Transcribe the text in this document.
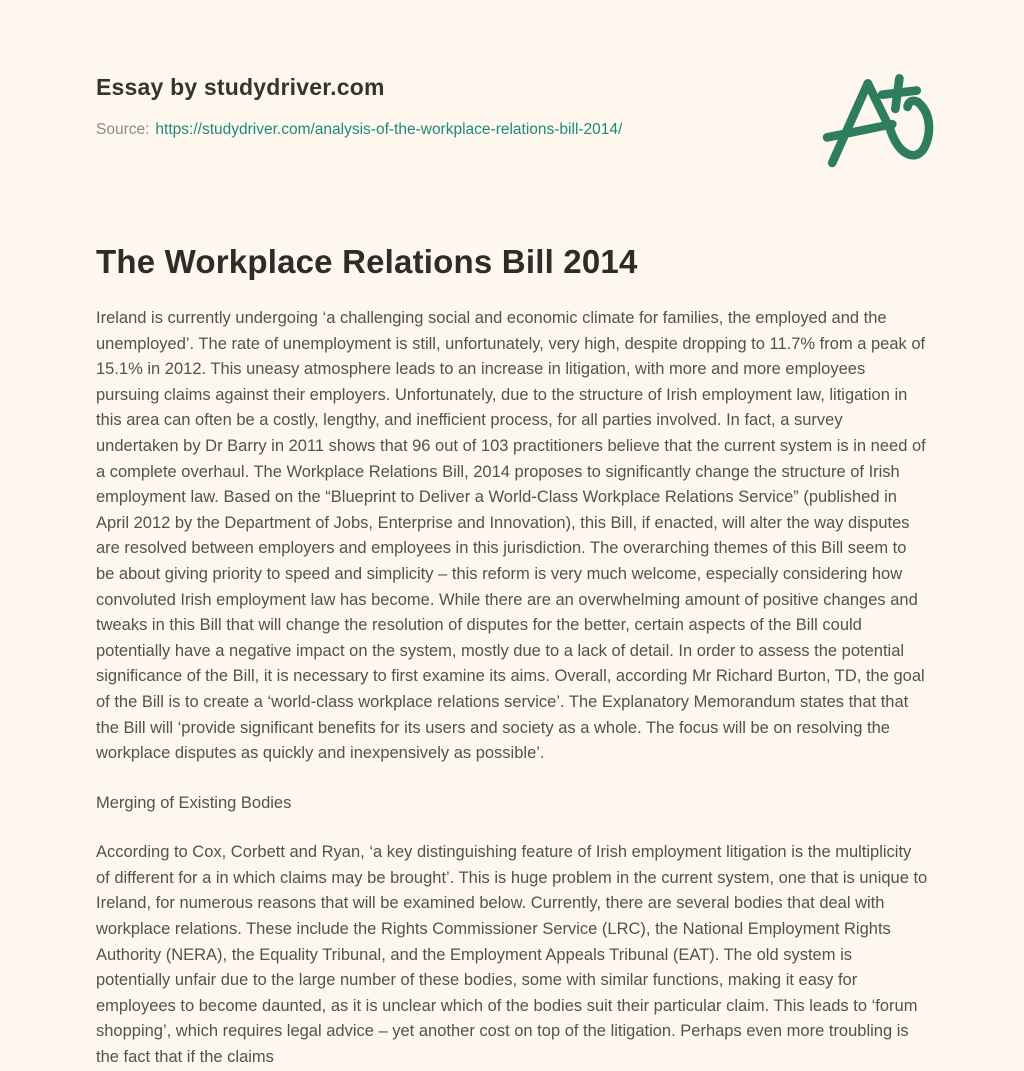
Essay by studydriver.com
Source: https://studydriver.com/analysis-of-the-workplace-relations-bill-2014/
The Workplace Relations Bill 2014

Ireland is currently undergoing ‘a challenging social and economic climate for families, the employed and the unemployed’. The rate of unemployment is still, unfortunately, very high, despite dropping to 11.7% from a peak of 15.1% in 2012. This uneasy atmosphere leads to an increase in litigation, with more and more employees pursuing claims against their employers. Unfortunately, due to the structure of Irish employment law, litigation in this area can often be a costly, lengthy, and inefficient process, for all parties involved. In fact, a survey undertaken by Dr Barry in 2011 shows that 96 out of 103 practitioners believe that the current system is in need of a complete overhaul. The Workplace Relations Bill, 2014 proposes to significantly change the structure of Irish employment law. Based on the “Blueprint to Deliver a World-Class Workplace Relations Service” (published in April 2012 by the Department of Jobs, Enterprise and Innovation), this Bill, if enacted, will alter the way disputes are resolved between employers and employees in this jurisdiction. The overarching themes of this Bill seem to be about giving priority to speed and simplicity – this reform is very much welcome, especially considering how convoluted Irish employment law has become. While there are an overwhelming amount of positive changes and tweaks in this Bill that will change the resolution of disputes for the better, certain aspects of the Bill could potentially have a negative impact on the system, mostly due to a lack of detail. In order to assess the potential significance of the Bill, it is necessary to first examine its aims. Overall, according Mr Richard Burton, TD, the goal of the Bill is to create a ‘world-class workplace relations service’. The Explanatory Memorandum states that that the Bill will ‘provide significant benefits for its users and society as a whole. The focus will be on resolving the workplace disputes as quickly and inexpensively as possible’.

Merging of Existing Bodies

According to Cox, Corbett and Ryan, ‘a key distinguishing feature of Irish employment litigation is the multiplicity of different for a in which claims may be brought’. This is huge problem in the current system, one that is unique to Ireland, for numerous reasons that will be examined below. Currently, there are several bodies that deal with workplace relations. These include the Rights Commissioner Service (LRC), the National Employment Rights Authority (NERA), the Equality Tribunal, and the Employment Appeals Tribunal (EAT). The old system is potentially unfair due to the large number of these bodies, some with similar functions, making it easy for employees to become daunted, as it is unclear which of the bodies suit their particular claim. This leads to ‘forum shopping’, which requires legal advice – yet another cost on top of the litigation. Perhaps even more troubling is the fact that if the claims
